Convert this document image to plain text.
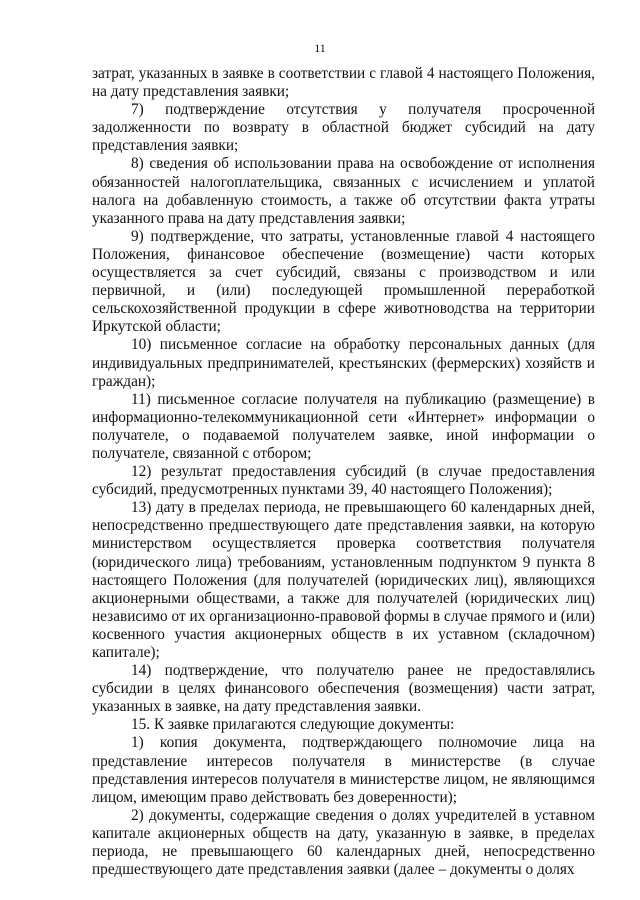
11

затрат, указанных в заявке в соответствии с главой 4 настоящего Положения, на дату представления заявки;

7) подтверждение отсутствия у получателя просроченной задолженности по возврату в областной бюджет субсидий на дату представления заявки;

8) сведения об использовании права на освобождение от исполнения обязанностей налогоплательщика, связанных с исчислением и уплатой налога на добавленную стоимость, а также об отсутствии факта утраты указанного права на дату представления заявки;

9) подтверждение, что затраты, установленные главой 4 настоящего Положения, финансовое обеспечение (возмещение) части которых осуществляется за счет субсидий, связаны с производством и или первичной, и (или) последующей промышленной переработкой сельскохозяйственной продукции в сфере животноводства на территории Иркутской области;

10) письменное согласие на обработку персональных данных (для индивидуальных предпринимателей, крестьянских (фермерских) хозяйств и граждан);

11) письменное согласие получателя на публикацию (размещение) в информационно-телекоммуникационной сети «Интернет» информации о получателе, о подаваемой получателем заявке, иной информации о получателе, связанной с отбором;

12) результат предоставления субсидий (в случае предоставления субсидий, предусмотренных пунктами 39, 40 настоящего Положения);

13) дату в пределах периода, не превышающего 60 календарных дней, непосредственно предшествующего дате представления заявки, на которую министерством осуществляется проверка соответствия получателя (юридического лица) требованиям, установленным подпунктом 9 пункта 8 настоящего Положения (для получателей (юридических лиц), являющихся акционерными обществами, а также для получателей (юридических лиц) независимо от их организационно-правовой формы в случае прямого и (или) косвенного участия акционерных обществ в их уставном (складочном) капитале);

14) подтверждение, что получателю ранее не предоставлялись субсидии в целях финансового обеспечения (возмещения) части затрат, указанных в заявке, на дату представления заявки.

15. К заявке прилагаются следующие документы:

1) копия документа, подтверждающего полномочие лица на представление интересов получателя в министерстве (в случае представления интересов получателя в министерстве лицом, не являющимся лицом, имеющим право действовать без доверенности);

2) документы, содержащие сведения о долях учредителей в уставном капитале акционерных обществ на дату, указанную в заявке, в пределах периода, не превышающего 60 календарных дней, непосредственно предшествующего дате представления заявки (далее – документы о долях
